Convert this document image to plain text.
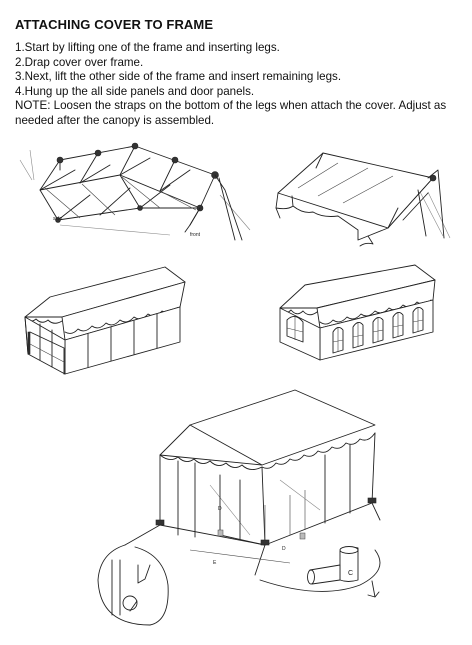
ATTACHING COVER TO FRAME
1.Start by lifting one of the frame and inserting legs.
2.Drap cover over frame.
3.Next, lift the other side of the frame and insert remaining legs.
4.Hung up the all side panels and door panels.
NOTE: Loosen the straps on the bottom of the legs when attach the cover. Adjust as needed after the canopy is assembled.
side
front
D
E
D
C
